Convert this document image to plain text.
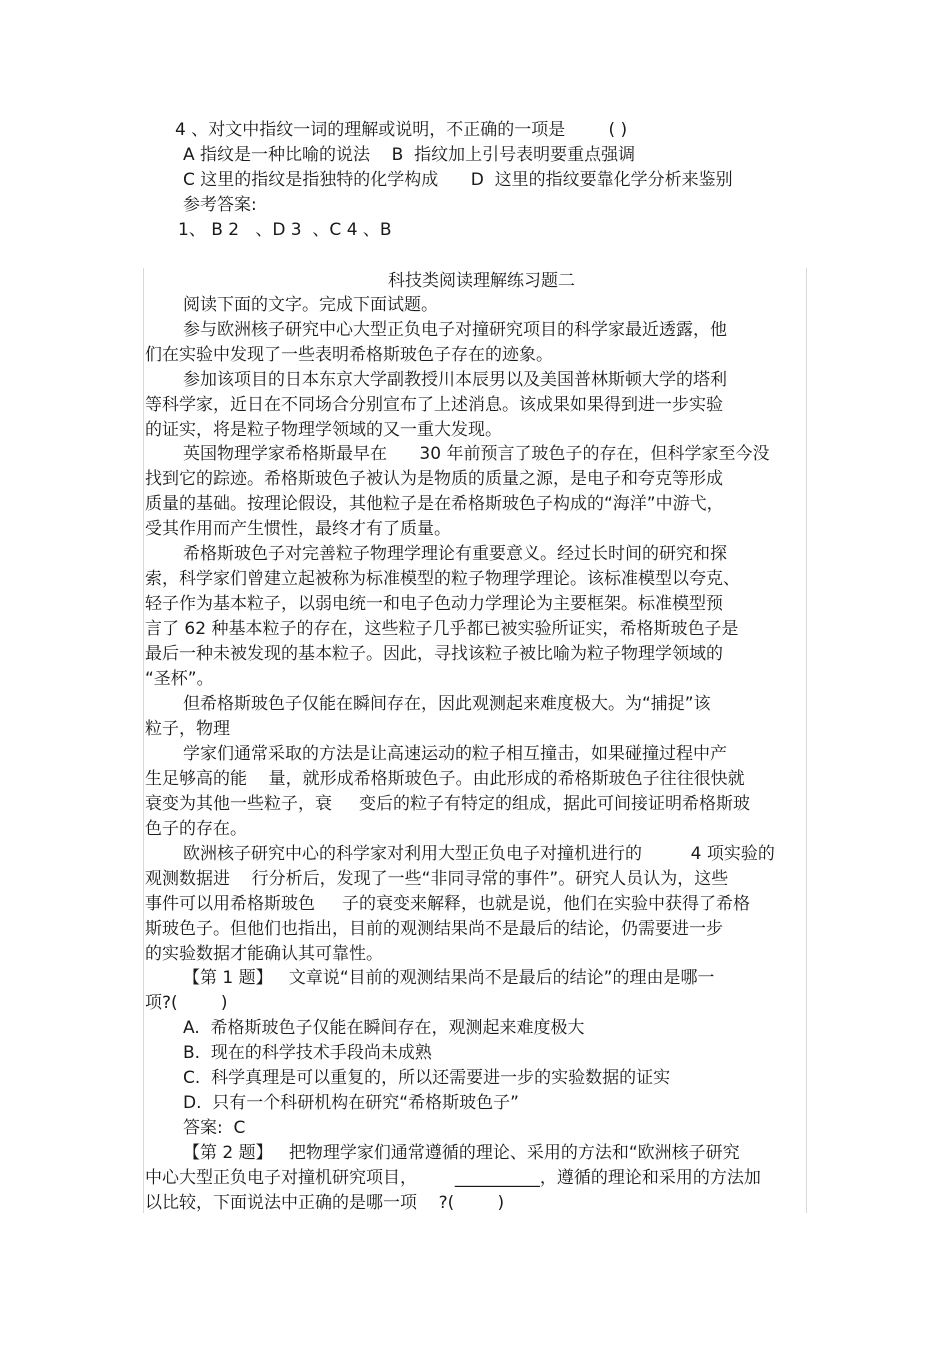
4 、对文中指纹一词的理解或说明，不正确的一项是        ( )
A 指纹是一种比喻的说法    B  指纹加上引号表明要重点强调
C 这里的指纹是指独特的化学构成      D  这里的指纹要靠化学分析来鉴别
参考答案:
1、 B 2   、D 3  、C 4 、B
科技类阅读理解练习题二
阅读下面的文字。完成下面试题。
参与欧洲核子研究中心大型正负电子对撞研究项目的科学家最近透露，他
们在实验中发现了一些表明希格斯玻色子存在的迹象。
参加该项目的日本东京大学副教授川本辰男以及美国普林斯顿大学的塔利
等科学家，近日在不同场合分别宣布了上述消息。该成果如果得到进一步实验
的证实，将是粒子物理学领域的又一重大发现。
英国物理学家希格斯最早在      30 年前预言了玻色子的存在，但科学家至今没
找到它的踪迹。希格斯玻色子被认为是物质的质量之源，是电子和夸克等形成
质量的基础。按理论假设，其他粒子是在希格斯玻色子构成的“海洋”中游弋，
受其作用而产生惯性，最终才有了质量。
希格斯玻色子对完善粒子物理学理论有重要意义。经过长时间的研究和探
索，科学家们曾建立起被称为标准模型的粒子物理学理论。该标准模型以夸克、
轻子作为基本粒子，以弱电统一和电子色动力学理论为主要框架。标准模型预
言了 62 种基本粒子的存在，这些粒子几乎都已被实验所证实，希格斯玻色子是
最后一种未被发现的基本粒子。因此，寻找该粒子被比喻为粒子物理学领域的
“圣杯”。
但希格斯玻色子仅能在瞬间存在，因此观测起来难度极大。为“捕捉”该
粒子，物理
学家们通常采取的方法是让高速运动的粒子相互撞击，如果碰撞过程中产
生足够高的能    量，就形成希格斯玻色子。由此形成的希格斯玻色子往往很快就
衰变为其他一些粒子，衰     变后的粒子有特定的组成，据此可间接证明希格斯玻
色子的存在。
欧洲核子研究中心的科学家对利用大型正负电子对撞机进行的         4 项实验的
观测数据进    行分析后，发现了一些“非同寻常的事件”。研究人员认为，这些
事件可以用希格斯玻色     子的衰变来解释，也就是说，他们在实验中获得了希格
斯玻色子。但他们也指出，目前的观测结果尚不是最后的结论，仍需要进一步
的实验数据才能确认其可靠性。
【第 1 题】   文章说“目前的观测结果尚不是最后的结论”的理由是哪一
项?(        )
A.  希格斯玻色子仅能在瞬间存在，观测起来难度极大
B.  现在的科学技术手段尚未成熟
C.  科学真理是可以重复的，所以还需要进一步的实验数据的证实
D.  只有一个科研机构在研究“希格斯玻色子”
答案:  C
【第 2 题】   把物理学家们通常遵循的理论、采用的方法和“欧洲核子研究
中心大型正负电子对撞机研究项目，       __________，遵循的理论和采用的方法加
以比较，下面说法中正确的是哪一项    ?(        )
